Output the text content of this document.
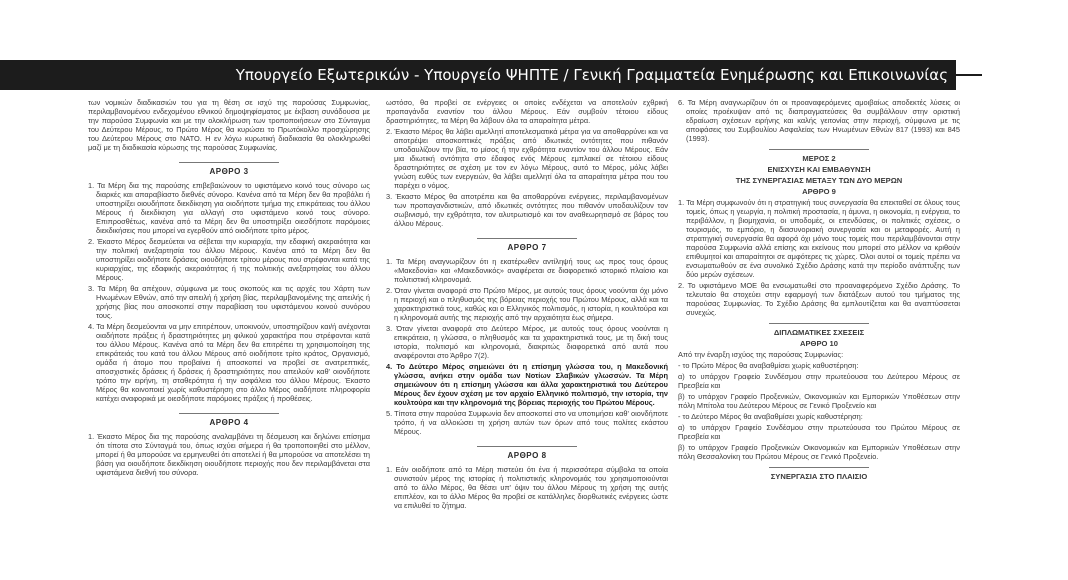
Υπουργείο Εξωτερικών - Υπουργείο ΨΗΠΤΕ / Γενική Γραμματεία Ενημέρωσης και Επικοινωνίας

των νομικών διαδικασιών του για τη θέση σε ισχύ της παρούσας Συμφωνίας, περιλαμβανομένου ενδεχομένου εθνικού δημοψηφίσματος με έκβαση συνάδουσα με την παρούσα Συμφωνία και με την ολοκλήρωση των τροποποιήσεων στο Σύνταγμα του Δεύτερου Μέρους, το Πρώτο Μέρος θα κυρώσει το Πρωτόκολλο προσχώρησης του Δεύτερου Μέρους στο ΝΑΤΟ. Η εν λόγω κυρωτική διαδικασία θα ολοκληρωθεί μαζί με τη διαδικασία κύρωσης της παρούσας Συμφωνίας.

ΑΡΘΡΟ 3

1. Τα Μέρη δια της παρούσης επιβεβαιώνουν το υφιστάμενο κοινό τους σύνορο ως διαρκές και απαραβίαστο διεθνές σύνορο. Κανένα από τα Μέρη δεν θα προβάλει ή υποστηρίξει οιουδήποτε διεκδίκηση για οιοδήποτε τμήμα της επικράτειας του άλλου Μέρους ή διεκδίκηση για αλλαγή στο υφιστάμενο κοινό τους σύνορο. Επιπροσθέτως, κανένα από τα Μέρη δεν θα υποστηρίξει οιεσδήποτε παρόμοιες διεκδικήσεις που μπορεί να εγερθούν από οιοδήποτε τρίτο μέρος.

2. Έκαστο Μέρος δεσμεύεται να σέβεται την κυριαρχία, την εδαφική ακεραιότητα και την πολιτική ανεξαρτησία του άλλου Μέρους. Κανένα από τα Μέρη δεν θα υποστηρίξει οιοδήποτε δράσεις οιουδήποτε τρίτου μέρους που στρέφονται κατά της κυριαρχίας, της εδαφικής ακεραιότητας ή της πολιτικής ανεξαρτησίας του άλλου Μέρους.

3. Τα Μέρη θα απέχουν, σύμφωνα με τους σκοπούς και τις αρχές του Χάρτη των Ηνωμένων Εθνών, από την απειλή ή χρήση βίας, περιλαμβανομένης της απειλής ή χρήσης βίας που αποσκοπεί στην παραβίαση του υφιστάμενου κοινού συνόρου τους.

4. Τα Μέρη δεσμεύονται να μην επιτρέπουν, υποκινούν, υποστηρίζουν και/ή ανέχονται οιαδήποτε πράξεις ή δραστηριότητες μη φιλικού χαρακτήρα που στρέφονται κατά του άλλου Μέρους. Κανένα από τα Μέρη δεν θα επιτρέπει τη χρησιμοποίηση της επικράτειάς του κατά του άλλου Μέρους από οιοδήποτε τρίτο κράτος, Οργανισμό, ομάδα ή άτομο που προβαίνει ή αποσκοπεί να προβεί σε ανατρεπτικές, αποσχιστικές δράσεις ή δράσεις ή δραστηριότητες που απειλούν καθ' οιονδήποτε τρόπο την ειρήνη, τη σταθερότητα ή την ασφάλεια του άλλου Μέρους. Έκαστο Μέρος θα κοινοποιεί χωρίς καθυστέρηση στο άλλο Μέρος οιαδήποτε πληροφορία κατέχει αναφορικά με οιεσδήποτε παρόμοιες πράξεις ή προθέσεις.

ΑΡΘΡΟ 4

1. Έκαστο Μέρος δια της παρούσης αναλαμβάνει τη δέσμευση και δηλώνει επίσημα ότι τίποτα στο Σύνταγμά του, όπως ισχύει σήμερα ή θα τροποποιηθεί στο μέλλον, μπορεί ή θα μπορούσε να ερμηνευθεί ότι αποτελεί ή θα μπορούσε να αποτελέσει τη βάση για οιουδήποτε διεκδίκηση οιουδήποτε περιοχής που δεν περιλαμβάνεται στα υφιστάμενα διεθνή του σύνορα.

ωστόσο, θα προβεί σε ενέργειες οι οποίες ενδέχεται να αποτελούν εχθρική προπαγάνδα εναντίον του άλλου Μέρους. Εάν συμβούν τέτοιου είδους δραστηριότητες, τα Μέρη θα λάβουν όλα τα απαραίτητα μέτρα.

2. Έκαστο Μέρος θα λάβει αμελλητί αποτελεσματικά μέτρα για να αποθαρρύνει και να αποτρέψει αποσκοπτικές πράξεις από ιδιωτικές οντότητες που πιθανόν υποδαυλίζουν την βία, το μίσος ή την εχθρότητα εναντίον του άλλου Μέρους. Εάν μια ιδιωτική οντότητα στο έδαφος ενός Μέρους εμπλακεί σε τέτοιου είδους δραστηριότητες σε σχέση με τον εν λόγω Μέρους, αυτό το Μέρος, μόλις λάβει γνώση ευθύς των ενεργειών, θα λάβει αμελλητί όλα τα απαραίτητα μέτρα που του παρέχει ο νόμος.

3. Έκαστο Μέρος θα αποτρέπει και θα αποθαρρύνει ενέργειες, περιλαμβανομένων των προπαγανδιστικών, από ιδιωτικές οντότητες που πιθανόν υποδαυλίζουν τον σωβινισμό, την εχθρότητα, τον αλυτρωτισμό και τον αναθεωρητισμό σε βάρος του άλλου Μέρους.

ΑΡΘΡΟ 7

1. Τα Μέρη αναγνωρίζουν ότι η εκατέρωθεν αντίληψή τους ως προς τους όρους «Μακεδονία» και «Μακεδονικός» αναφέρεται σε διαφορετικό ιστορικό πλαίσιο και πολιτιστική κληρονομιά.

2. Όταν γίνεται αναφορά στο Πρώτο Μέρος, με αυτούς τους όρους νοούνται όχι μόνο η περιοχή και ο πληθυσμός της βόρειας περιοχής του Πρώτου Μέρους, αλλά και τα χαρακτηριστικά τους, καθώς και ο Ελληνικός πολιτισμός, η ιστορία, η κουλτούρα και η κληρονομιά αυτής της περιοχής από την αρχαιότητα έως σήμερα.

3. Όταν γίνεται αναφορά στο Δεύτερο Μέρος, με αυτούς τους όρους νοούνται η επικράτεια, η γλώσσα, ο πληθυσμός και τα χαρακτηριστικά τους, με τη δική τους ιστορία, πολιτισμό και κληρονομιά, διακριτώς διαφορετικά από αυτά που αναφέρονται στο Άρθρο 7(2).

4. Το Δεύτερο Μέρος σημειώνει ότι η επίσημη γλώσσα του, η Μακεδονική γλώσσα, ανήκει στην ομάδα των Νοτίων Σλαβικών γλωσσών. Τα Μέρη σημειώνουν ότι η επίσημη γλώσσα και άλλα χαρακτηριστικά του Δεύτερου Μέρους δεν έχουν σχέση με τον αρχαίο Ελληνικό πολιτισμό, την ιστορία, την κουλτούρα και την κληρονομιά της βόρειας περιοχής του Πρώτου Μέρους.

5. Τίποτα στην παρούσα Συμφωνία δεν αποσκοπεί στο να υποτιμήσει καθ' οιονδήποτε τρόπο, ή να αλλοιώσει τη χρήση αυτών των όρων από τους πολίτες εκάστου Μέρους.

ΑΡΘΡΟ 8

1. Εάν οιοδήποτε από τα Μέρη πιστεύει ότι ένα ή περισσότερα σύμβολα τα οποία συνιστούν μέρος της ιστορίας ή πολιτιστικής κληρονομιάς του χρησιμοποιούνται από το άλλο Μέρος, θα θέσει υπ' όψιν του άλλου Μέρους τη χρήση της αυτής επιπλέον, και το άλλο Μέρος θα προβεί σε κατάλληλες διορθωτικές ενέργειες ώστε να επιλυθεί το ζήτημα.

6. Τα Μέρη αναγνωρίζουν ότι οι προαναφερόμενες αμοιβαίως αποδεκτές λύσεις οι οποίες προέκυψαν από τις διαπραγματεύσεις θα συμβάλλουν στην οριστική εδραίωση σχέσεων ειρήνης και καλής γειτονίας στην περιοχή, σύμφωνα με τις αποφάσεις του Συμβουλίου Ασφαλείας των Ηνωμένων Εθνών 817 (1993) και 845 (1993).

ΜΕΡΟΣ 2
ΕΝΙΣΧΥΣΗ ΚΑΙ ΕΜΒΑΘΥΝΣΗ
ΤΗΣ ΣΥΝΕΡΓΑΣΙΑΣ ΜΕΤΑΞΥ ΤΩΝ ΔΥΟ ΜΕΡΩΝ
ΑΡΘΡΟ 9

1. Τα Μέρη συμφωνούν ότι η στρατηγική τους συνεργασία θα επεκταθεί σε όλους τους τομείς, όπως η γεωργία, η πολιτική προστασία, η άμυνα, η οικονομία, η ενέργεια, το περιβάλλον, η βιομηχανία, οι υποδομές, οι επενδύσεις, οι πολιτικές σχέσεις, ο τουρισμός, το εμπόριο, η διασυνοριακή συνεργασία και οι μεταφορές. Αυτή η στρατηγική συνεργασία θα αφορά όχι μόνο τους τομείς που περιλαμβάνονται στην παρούσα Συμφωνία αλλά επίσης και εκείνους που μπορεί στο μέλλον να κριθούν επιθυμητοί και απαραίτητοι σε αμφότερες τις χώρες. Όλοι αυτοί οι τομείς πρέπει να ενσωματωθούν σε ένα συνολικό Σχέδιο Δράσης κατά την περίοδο ανάπτυξης των δύο μερών σχέσεων.

2. Το υφιστάμενο ΜΟΕ θα ενσωματωθεί στο προαναφερόμενο Σχέδιο Δράσης. Το τελευταίο θα στοχεύει στην εφαρμογή των διατάξεων αυτού του τμήματος της παρούσας Συμφωνίας. Το Σχέδιο Δράσης θα εμπλουτίζεται και θα αναπτύσσεται συνεχώς.

ΔΙΠΛΩΜΑΤΙΚΕΣ ΣΧΕΣΕΙΣ
ΑΡΘΡΟ 10

Από την έναρξη ισχύος της παρούσας Συμφωνίας:

- το Πρώτο Μέρος θα αναβαθμίσει χωρίς καθυστέρηση:

α) το υπάρχον Γραφείο Συνδέσμου στην πρωτεύουσα του Δεύτερου Μέρους σε Πρεσβεία και

β) το υπάρχον Γραφείο Προξενικών, Οικονομικών και Εμπορικών Υποθέσεων στην πόλη Μπίτολα του Δεύτερου Μέρους σε Γενικό Προξενείο και

- το Δεύτερο Μέρος θα αναβαθμίσει χωρίς καθυστέρηση:

α) το υπάρχον Γραφείο Συνδέσμου στην πρωτεύουσα του Πρώτου Μέρους σε Πρεσβεία και

β) το υπάρχον Γραφείο Προξενικών Οικονομικών και Εμπορικών Υποθέσεων στην πόλη Θεσσαλονίκη του Πρώτου Μέρους σε Γενικό Προξενείο.

ΣΥΝΕΡΓΑΣΙΑ ΣΤΟ ΠΛΑΙΣΙΟ
